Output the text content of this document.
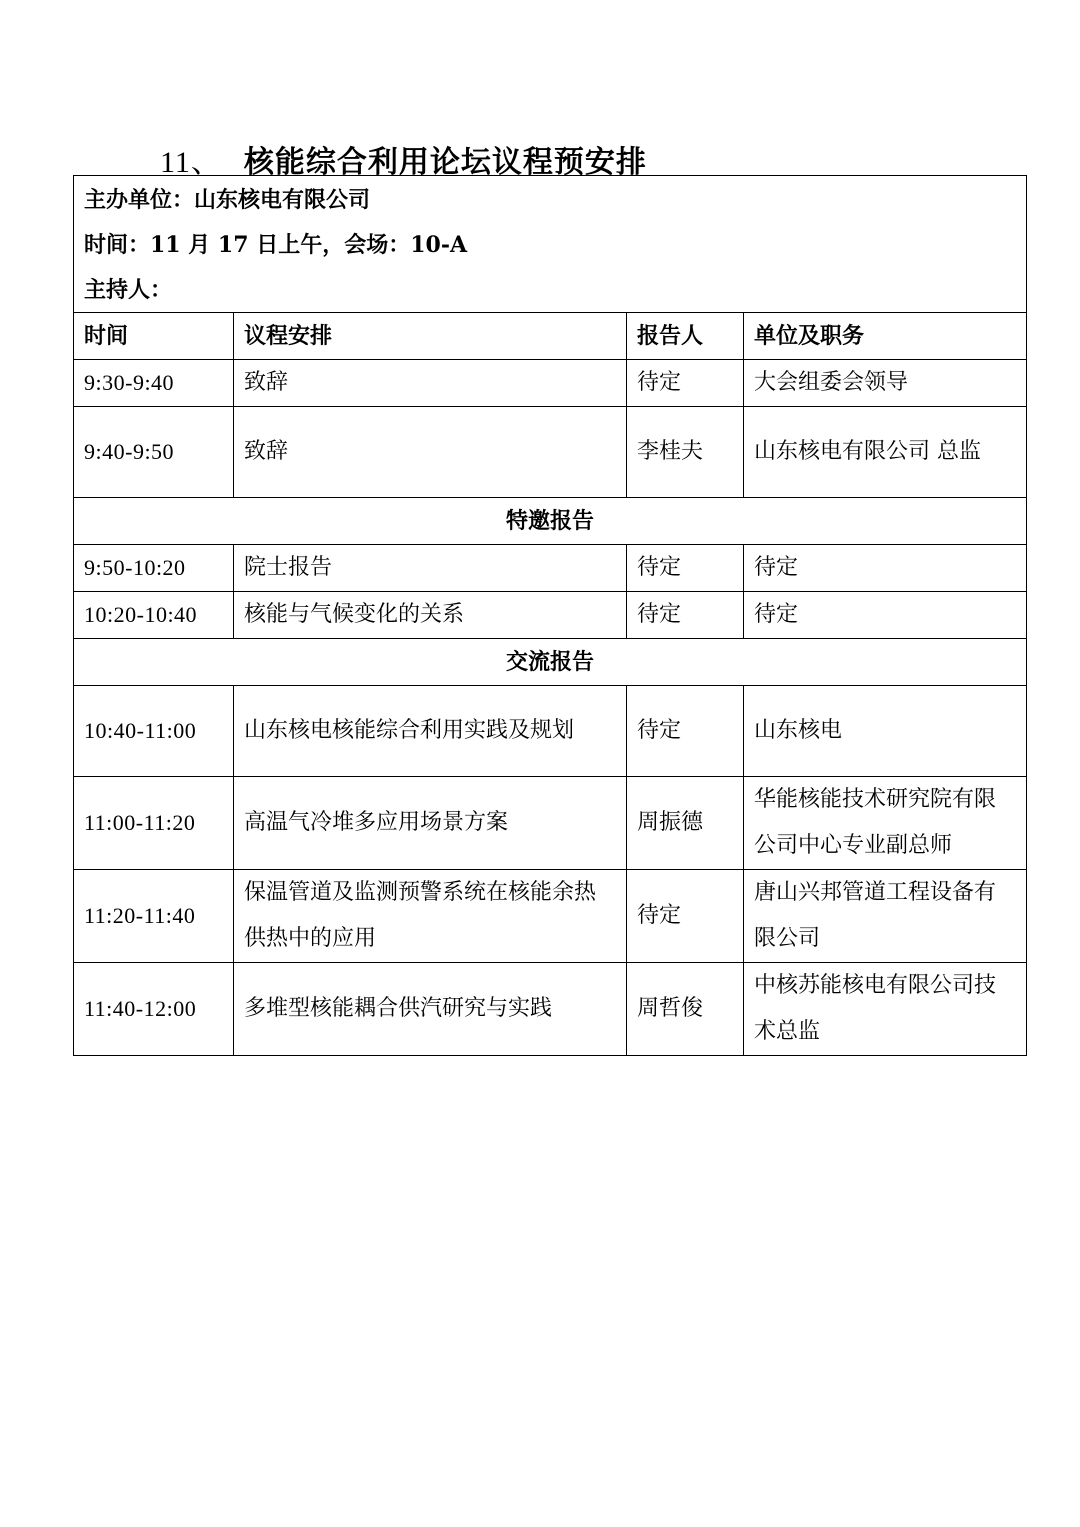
11、 核能综合利用论坛议程预安排
主办单位：山东核电有限公司
时间：11 月 17 日上午，会场：10-A
主持人：			

时间	议程安排	报告人	单位及职务
9:30-9:40	致辞	待定	大会组委会领导
9:40-9:50	致辞	李桂夫	山东核电有限公司 总监
特邀报告			
9:50-10:20	院士报告	待定	待定
10:20-10:40	核能与气候变化的关系	待定	待定
交流报告			
10:40-11:00	山东核电核能综合利用实践及规划	待定	山东核电
11:00-11:20	高温气冷堆多应用场景方案	周振德	华能核能技术研究院有限公司中心专业副总师
11:20-11:40	保温管道及监测预警系统在核能余热供热中的应用	待定	唐山兴邦管道工程设备有限公司
11:40-12:00	多堆型核能耦合供汽研究与实践	周哲俊	中核苏能核电有限公司技术总监
